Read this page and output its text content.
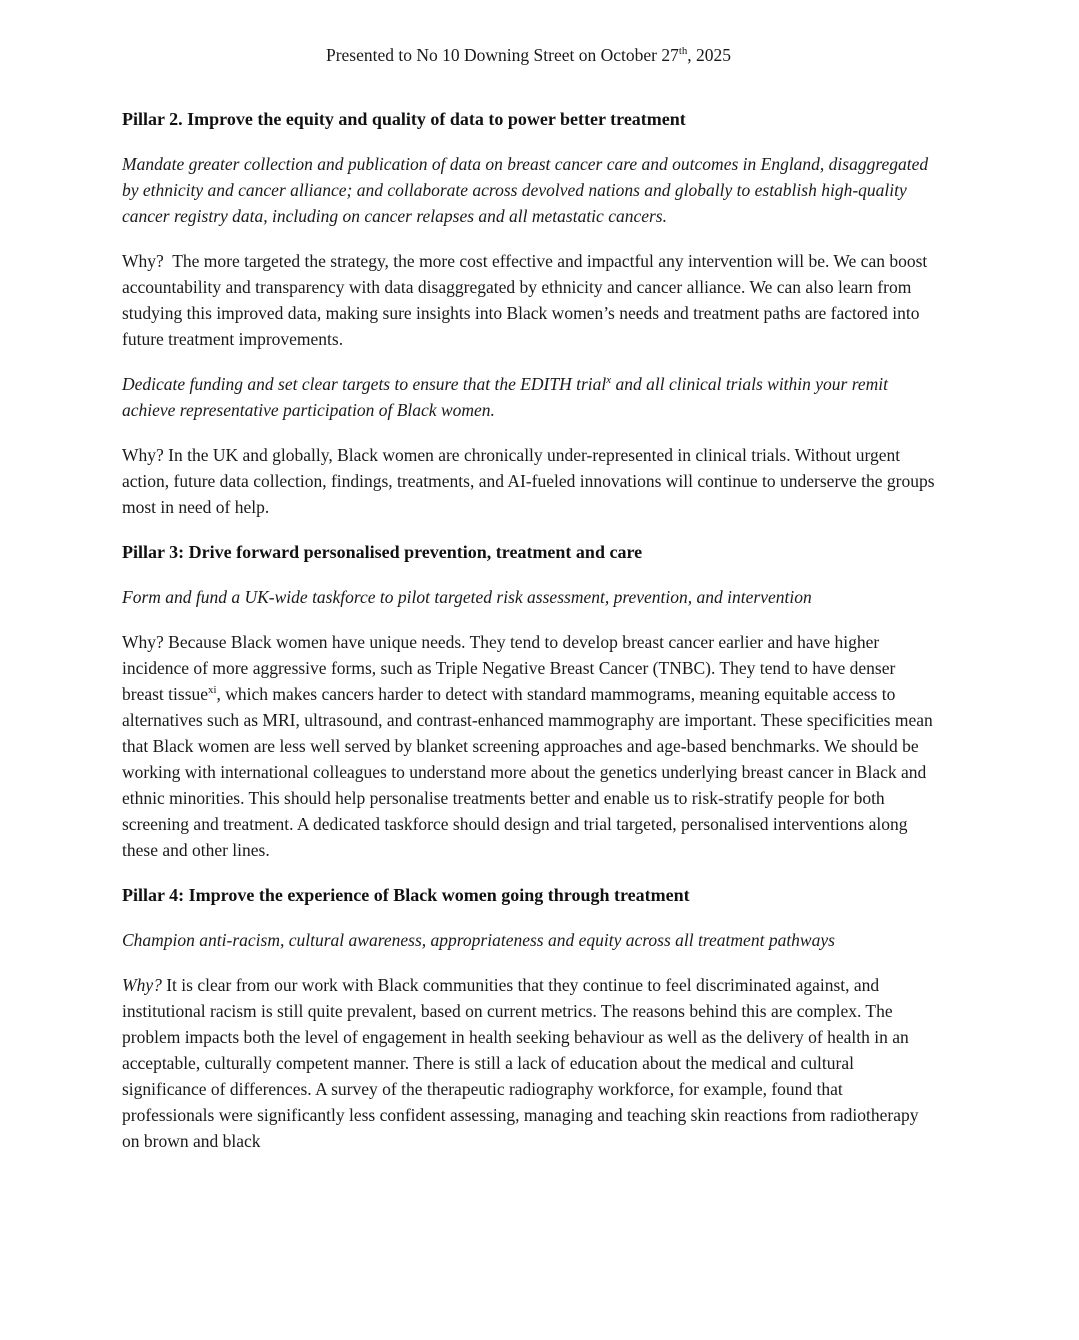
Presented to No 10 Downing Street on October 27th, 2025
Pillar 2. Improve the equity and quality of data to power better treatment

Mandate greater collection and publication of data on breast cancer care and outcomes in England, disaggregated by ethnicity and cancer alliance; and collaborate across devolved nations and globally to establish high-quality cancer registry data, including on cancer relapses and all metastatic cancers.

Why?  The more targeted the strategy, the more cost effective and impactful any intervention will be. We can boost accountability and transparency with data disaggregated by ethnicity and cancer alliance. We can also learn from studying this improved data, making sure insights into Black women’s needs and treatment paths are factored into future treatment improvements.

Dedicate funding and set clear targets to ensure that the EDITH trial$^x$ and all clinical trials within your remit achieve representative participation of Black women.

Why? In the UK and globally, Black women are chronically under-represented in clinical trials. Without urgent action, future data collection, findings, treatments, and AI-fueled innovations will continue to underserve the groups most in need of help.

Pillar 3: Drive forward personalised prevention, treatment and care

Form and fund a UK-wide taskforce to pilot targeted risk assessment, prevention, and intervention

Why? Because Black women have unique needs. They tend to develop breast cancer earlier and have higher incidence of more aggressive forms, such as Triple Negative Breast Cancer (TNBC). They tend to have denser breast tissue$^{xi}$, which makes cancers harder to detect with standard mammograms, meaning equitable access to alternatives such as MRI, ultrasound, and contrast-enhanced mammography are important. These specificities mean that Black women are less well served by blanket screening approaches and age-based benchmarks. We should be working with international colleagues to understand more about the genetics underlying breast cancer in Black and ethnic minorities. This should help personalise treatments better and enable us to risk-stratify people for both screening and treatment. A dedicated taskforce should design and trial targeted, personalised interventions along these and other lines.

Pillar 4: Improve the experience of Black women going through treatment

Champion anti-racism, cultural awareness, appropriateness and equity across all treatment pathways

Why? It is clear from our work with Black communities that they continue to feel discriminated against, and institutional racism is still quite prevalent, based on current metrics. The reasons behind this are complex. The problem impacts both the level of engagement in health seeking behaviour as well as the delivery of health in an acceptable, culturally competent manner. There is still a lack of education about the medical and cultural significance of differences. A survey of the therapeutic radiography workforce, for example, found that professionals were significantly less confident assessing, managing and teaching skin reactions from radiotherapy on brown and black
